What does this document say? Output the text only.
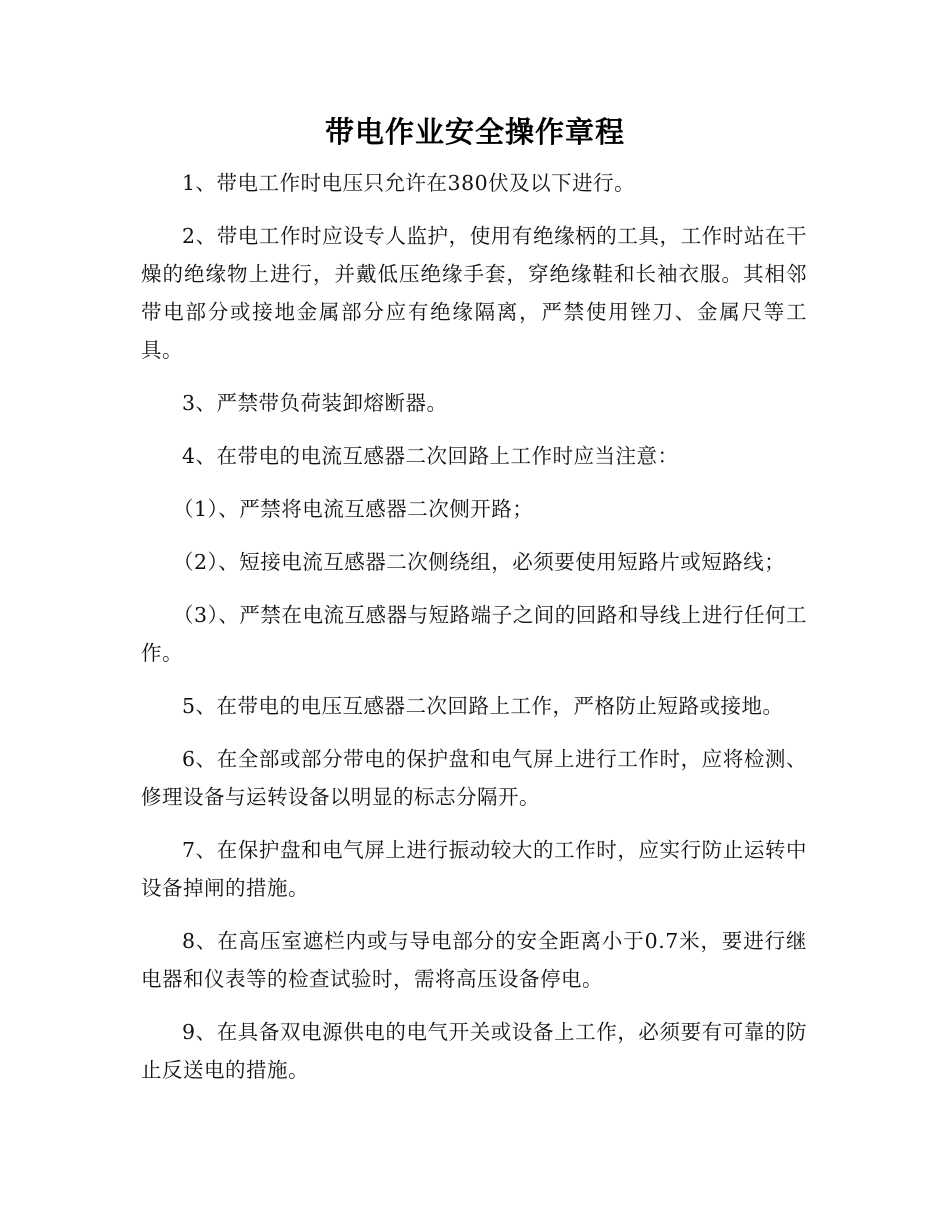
带电作业安全操作章程

1、带电工作时电压只允许在380伏及以下进行。

2、带电工作时应设专人监护，使用有绝缘柄的工具，工作时站在干燥的绝缘物上进行，并戴低压绝缘手套，穿绝缘鞋和长袖衣服。其相邻带电部分或接地金属部分应有绝缘隔离，严禁使用锉刀、金属尺等工具。

3、严禁带负荷装卸熔断器。

4、在带电的电流互感器二次回路上工作时应当注意：

（1）、严禁将电流互感器二次侧开路；

（2）、短接电流互感器二次侧绕组，必须要使用短路片或短路线；

（3）、严禁在电流互感器与短路端子之间的回路和导线上进行任何工作。

5、在带电的电压互感器二次回路上工作，严格防止短路或接地。

6、在全部或部分带电的保护盘和电气屏上进行工作时，应将检测、修理设备与运转设备以明显的标志分隔开。

7、在保护盘和电气屏上进行振动较大的工作时，应实行防止运转中设备掉闸的措施。

8、在高压室遮栏内或与导电部分的安全距离小于0.7米，要进行继电器和仪表等的检查试验时，需将高压设备停电。

9、在具备双电源供电的电气开关或设备上工作，必须要有可靠的防止反送电的措施。
